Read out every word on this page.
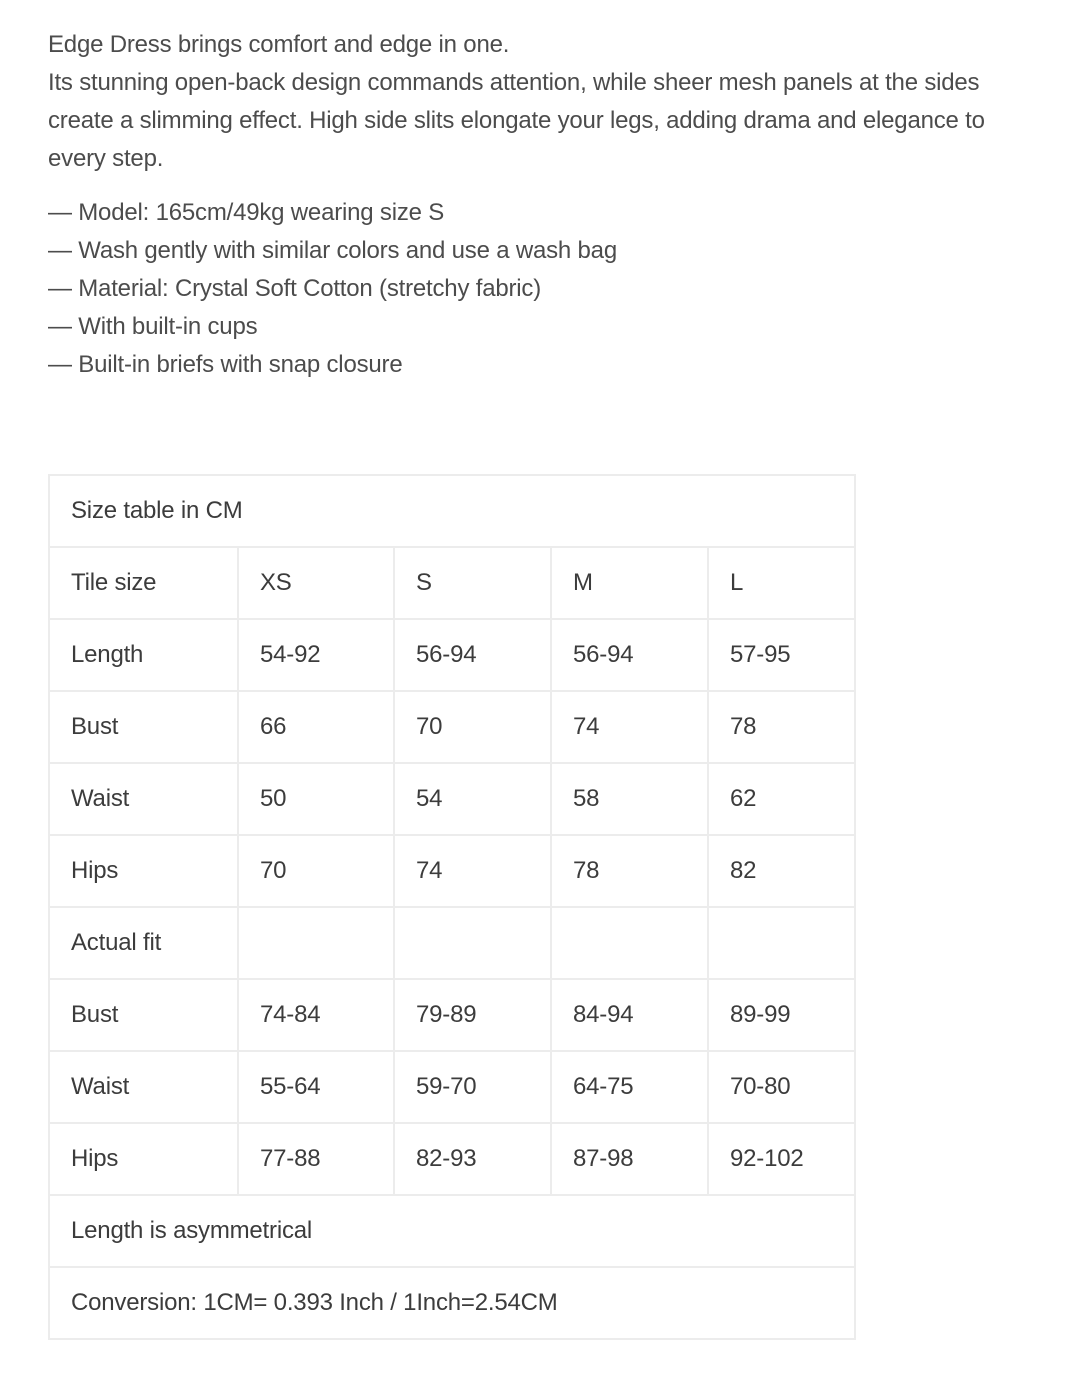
Edge Dress brings comfort and edge in one.

Its stunning open-back design commands attention, while sheer mesh panels at the sides create a slimming effect. High side slits elongate your legs, adding drama and elegance to every step.

— Model: 165cm/49kg wearing size S
— Wash gently with similar colors and use a wash bag
— Material: Crystal Soft Cotton (stretchy fabric)
— With built-in cups
— Built-in briefs with snap closure
Size table in CM				
Tile size	XS	S	M	L
Length	54-92	56-94	56-94	57-95
Bust	66	70	74	78
Waist	50	54	58	62
Hips	70	74	78	82
Actual fit				
Bust	74-84	79-89	84-94	89-99
Waist	55-64	59-70	64-75	70-80
Hips	77-88	82-93	87-98	92-102
Length is asymmetrical				
Conversion: 1CM= 0.393 Inch / 1Inch=2.54CM				
